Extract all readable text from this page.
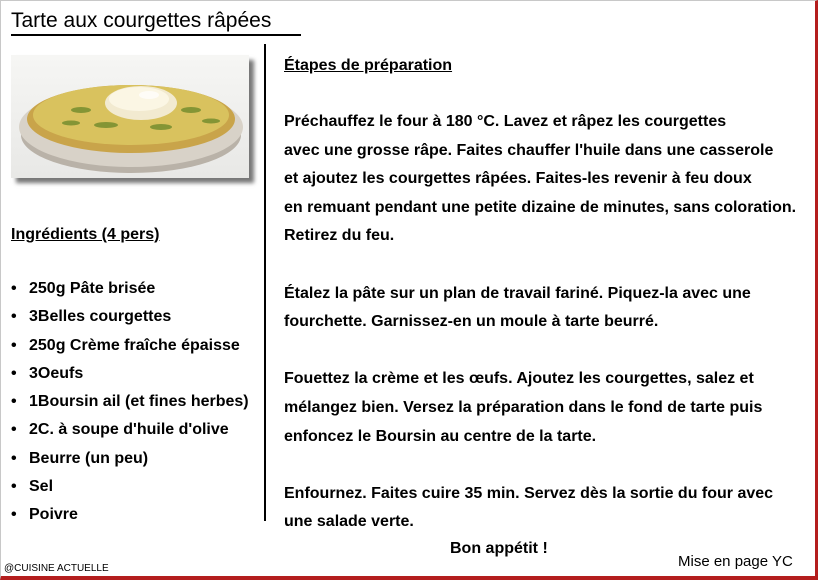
Tarte aux courgettes râpées
Ingrédients (4 pers)
• 250g Pâte brisée
• 3Belles courgettes
• 250g Crème fraîche épaisse
• 3Oeufs
• 1Boursin ail (et fines herbes)
• 2C. à soupe d'huile d'olive
• Beurre (un peu)
• Sel
• Poivre
Étapes de préparation

Préchauffez le four à 180 °C. Lavez et râpez les courgettes
avec une grosse râpe. Faites chauffer l'huile dans une casserole
et ajoutez les courgettes râpées. Faites-les revenir à feu doux
en remuant pendant une petite dizaine de minutes, sans coloration.
Retirez du feu.

Étalez la pâte sur un plan de travail fariné. Piquez-la avec une
fourchette. Garnissez-en un moule à tarte beurré.

Fouettez la crème et les œufs. Ajoutez les courgettes, salez et
mélangez bien. Versez la préparation dans le fond de tarte puis
enfoncez le Boursin au centre de la tarte.

Enfournez. Faites cuire 35 min. Servez dès la sortie du four avec
une salade verte.

Bon appétit !
@CUISINE ACTUELLE	Mise en page YC
